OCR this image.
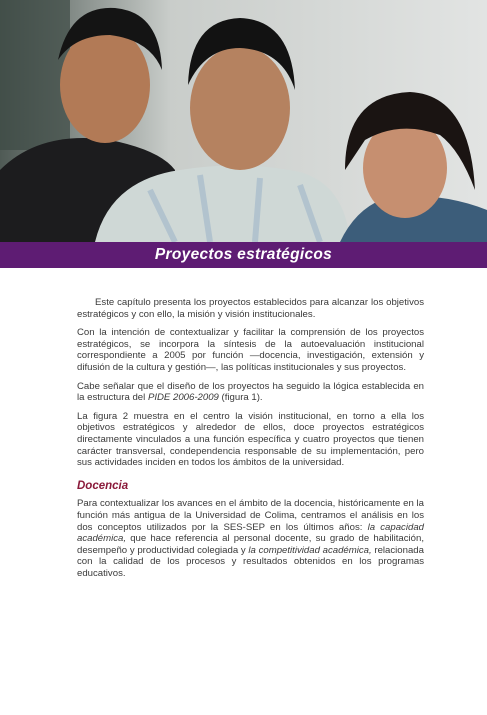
Proyectos estratégicos

Este capítulo presenta los proyectos establecidos para alcanzar los objetivos estratégicos y con ello, la misión y visión institucionales.

Con la intención de contextualizar y facilitar la comprensión de los proyectos estratégicos, se incorpora la síntesis de la autoevaluación institucional correspondiente a 2005 por función —docencia, investigación, extensión y difusión de la cultura y gestión—, las políticas institucionales y sus proyectos.

Cabe señalar que el diseño de los proyectos ha seguido la lógica establecida en la estructura del PIDE 2006-2009 (figura 1).

La figura 2 muestra en el centro la visión institucional, en torno a ella los objetivos estratégicos y alrededor de ellos, doce proyectos estratégicos directamente vinculados a una función específica y cuatro proyectos que tienen carácter transversal, condependencia responsable de su implementación, pero sus actividades inciden en todos los ámbitos de la universidad.

Docencia

Para contextualizar los avances en el ámbito de la docencia, históricamente en la función más antigua de la Universidad de Colima, centramos el análisis en los dos conceptos utilizados por la SES-SEP en los últimos años: la capacidad académica, que hace referencia al personal docente, su grado de habilitación, desempeño y productividad colegiada y la competitividad académica, relacionada con la calidad de los procesos y resultados obtenidos en los programas educativos.
